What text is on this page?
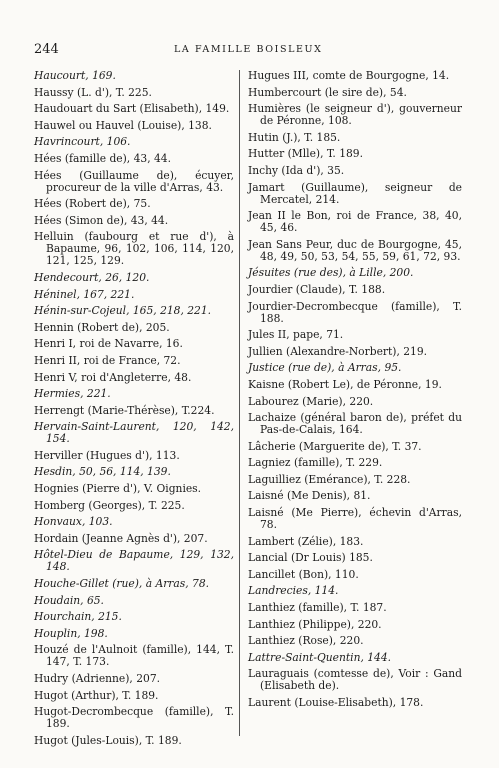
244	LA FAMILLE BOISLEUX
Haucourt, 169.
Haussy (L. d'), T. 225.
Haudouart du Sart (Elisabeth), 149.
Hauwel ou Hauvel (Louise), 138.
Havrincourt, 106.
Hées (famille de), 43, 44.
Hées (Guillaume de), écuyer, procureur de la ville d'Arras, 43.
Hées (Robert de), 75.
Hées (Simon de), 43, 44.
Helluin (faubourg et rue d'), à Bapaume, 96, 102, 106, 114, 120, 121, 125, 129.
Hendecourt, 26, 120.
Héninel, 167, 221.
Hénin-sur-Cojeul, 165, 218, 221.
Hennin (Robert de), 205.
Henri I, roi de Navarre, 16.
Henri II, roi de France, 72.
Henri V, roi d'Angleterre, 48.
Hermies, 221.
Herrengt (Marie-Thérèse), T.224.
Hervain-Saint-Laurent, 120, 142, 154.
Herviller (Hugues d'), 113.
Hesdin, 50, 56, 114, 139.
Hognies (Pierre d'), V. Oignies.
Homberg (Georges), T. 225.
Honvaux, 103.
Hordain (Jeanne Agnès d'), 207.
Hôtel-Dieu de Bapaume, 129, 132, 148.
Houche-Gillet (rue), à Arras, 78.
Houdain, 65.
Hourchain, 215.
Houplin, 198.
Houzé de l'Aulnoit (famille), 144, T. 147, T. 173.
Hudry (Adrienne), 207.
Hugot (Arthur), T. 189.
Hugot-Decrombecque (famille), T. 189.
Hugot (Jules-Louis), T. 189.
Hugues III, comte de Bourgogne, 14.
Humbercourt (le sire de), 54.
Humières (le seigneur d'), gouverneur de Péronne, 108.
Hutin (J.), T. 185.
Hutter (Mlle), T. 189.
Inchy (Ida d'), 35.
Jamart (Guillaume), seigneur de Mercatel, 214.
Jean II le Bon, roi de France, 38, 40, 45, 46.
Jean Sans Peur, duc de Bourgogne, 45, 48, 49, 50, 53, 54, 55, 59, 61, 72, 93.
Jésuites (rue des), à Lille, 200.
Jourdier (Claude), T. 188.
Jourdier-Decrombecque (famille), T. 188.
Jules II, pape, 71.
Jullien (Alexandre-Norbert), 219.
Justice (rue de), à Arras, 95.
Kaisne (Robert Le), de Péronne, 19.
Labourez (Marie), 220.
Lachaize (général baron de), préfet du Pas-de-Calais, 164.
Lâcherie (Marguerite de), T. 37.
Lagniez (famille), T. 229.
Laguilliez (Emérance), T. 228.
Laisné (Me Denis), 81.
Laisné (Me Pierre), échevin d'Arras, 78.
Lambert (Zélie), 183.
Lancial (Dr Louis) 185.
Lancillet (Bon), 110.
Landrecies, 114.
Lanthiez (famille), T. 187.
Lanthiez (Philippe), 220.
Lanthiez (Rose), 220.
Lattre-Saint-Quentin, 144.
Lauraguais (comtesse de), Voir : Gand (Elisabeth de).
Laurent (Louise-Elisabeth), 178.
